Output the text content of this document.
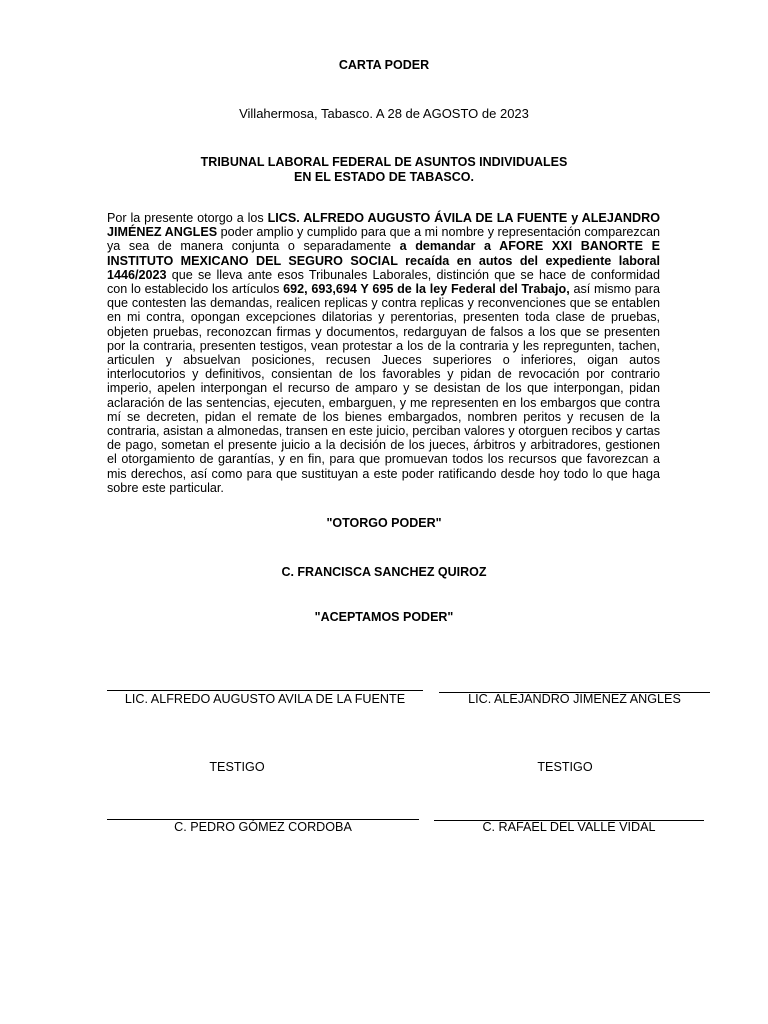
CARTA PODER
Villahermosa, Tabasco. A 28 de AGOSTO de 2023
TRIBUNAL LABORAL FEDERAL DE ASUNTOS INDIVIDUALES
EN EL ESTADO DE TABASCO.
Por la presente otorgo a los LICS. ALFREDO AUGUSTO ÁVILA DE LA FUENTE y ALEJANDRO JIMÉNEZ ANGLES poder amplio y cumplido para que a mi nombre y representación comparezcan ya sea de manera conjunta o separadamente a demandar a AFORE XXI BANORTE E INSTITUTO MEXICANO DEL SEGURO SOCIAL recaída en autos del expediente laboral 1446/2023 que se lleva ante esos Tribunales Laborales, distinción que se hace de conformidad con lo establecido los artículos 692, 693,694 Y 695 de la ley Federal del Trabajo, así mismo para que contesten las demandas, realicen replicas y contra replicas y reconvenciones que se entablen en mi contra, opongan excepciones dilatorias y perentorias, presenten toda clase de pruebas, objeten pruebas, reconozcan firmas y documentos, redarguyan de falsos a los que se presenten por la contraria, presenten testigos, vean protestar a los de la contraria y les repregunten, tachen, articulen y absuelvan posiciones, recusen Jueces superiores o inferiores, oigan autos interlocutorios y definitivos, consientan de los favorables y pidan de revocación por contrario imperio, apelen interpongan el recurso de amparo y se desistan de los que interpongan, pidan aclaración de las sentencias, ejecuten, embarguen, y me representen en los embargos que contra mí se decreten, pidan el remate de los bienes embargados, nombren peritos y recusen de la contraria, asistan a almonedas, transen en este juicio, perciban valores y otorguen recibos y cartas de pago, sometan el presente juicio a la decisión de los jueces, árbitros y arbitradores, gestionen el otorgamiento de garantías, y en fin, para que promuevan todos los recursos que favorezcan a mis derechos, así como para que sustituyan a este poder ratificando desde hoy todo lo que haga sobre este particular.
"OTORGO PODER"
C. FRANCISCA SANCHEZ QUIROZ
"ACEPTAMOS PODER"
LIC. ALFREDO AUGUSTO AVILA DE LA FUENTE	LIC. ALEJANDRO JIMENEZ ANGLES
TESTIGO	TESTIGO
C. PEDRO GÓMEZ CORDOBA	C. RAFAEL DEL VALLE VIDAL
